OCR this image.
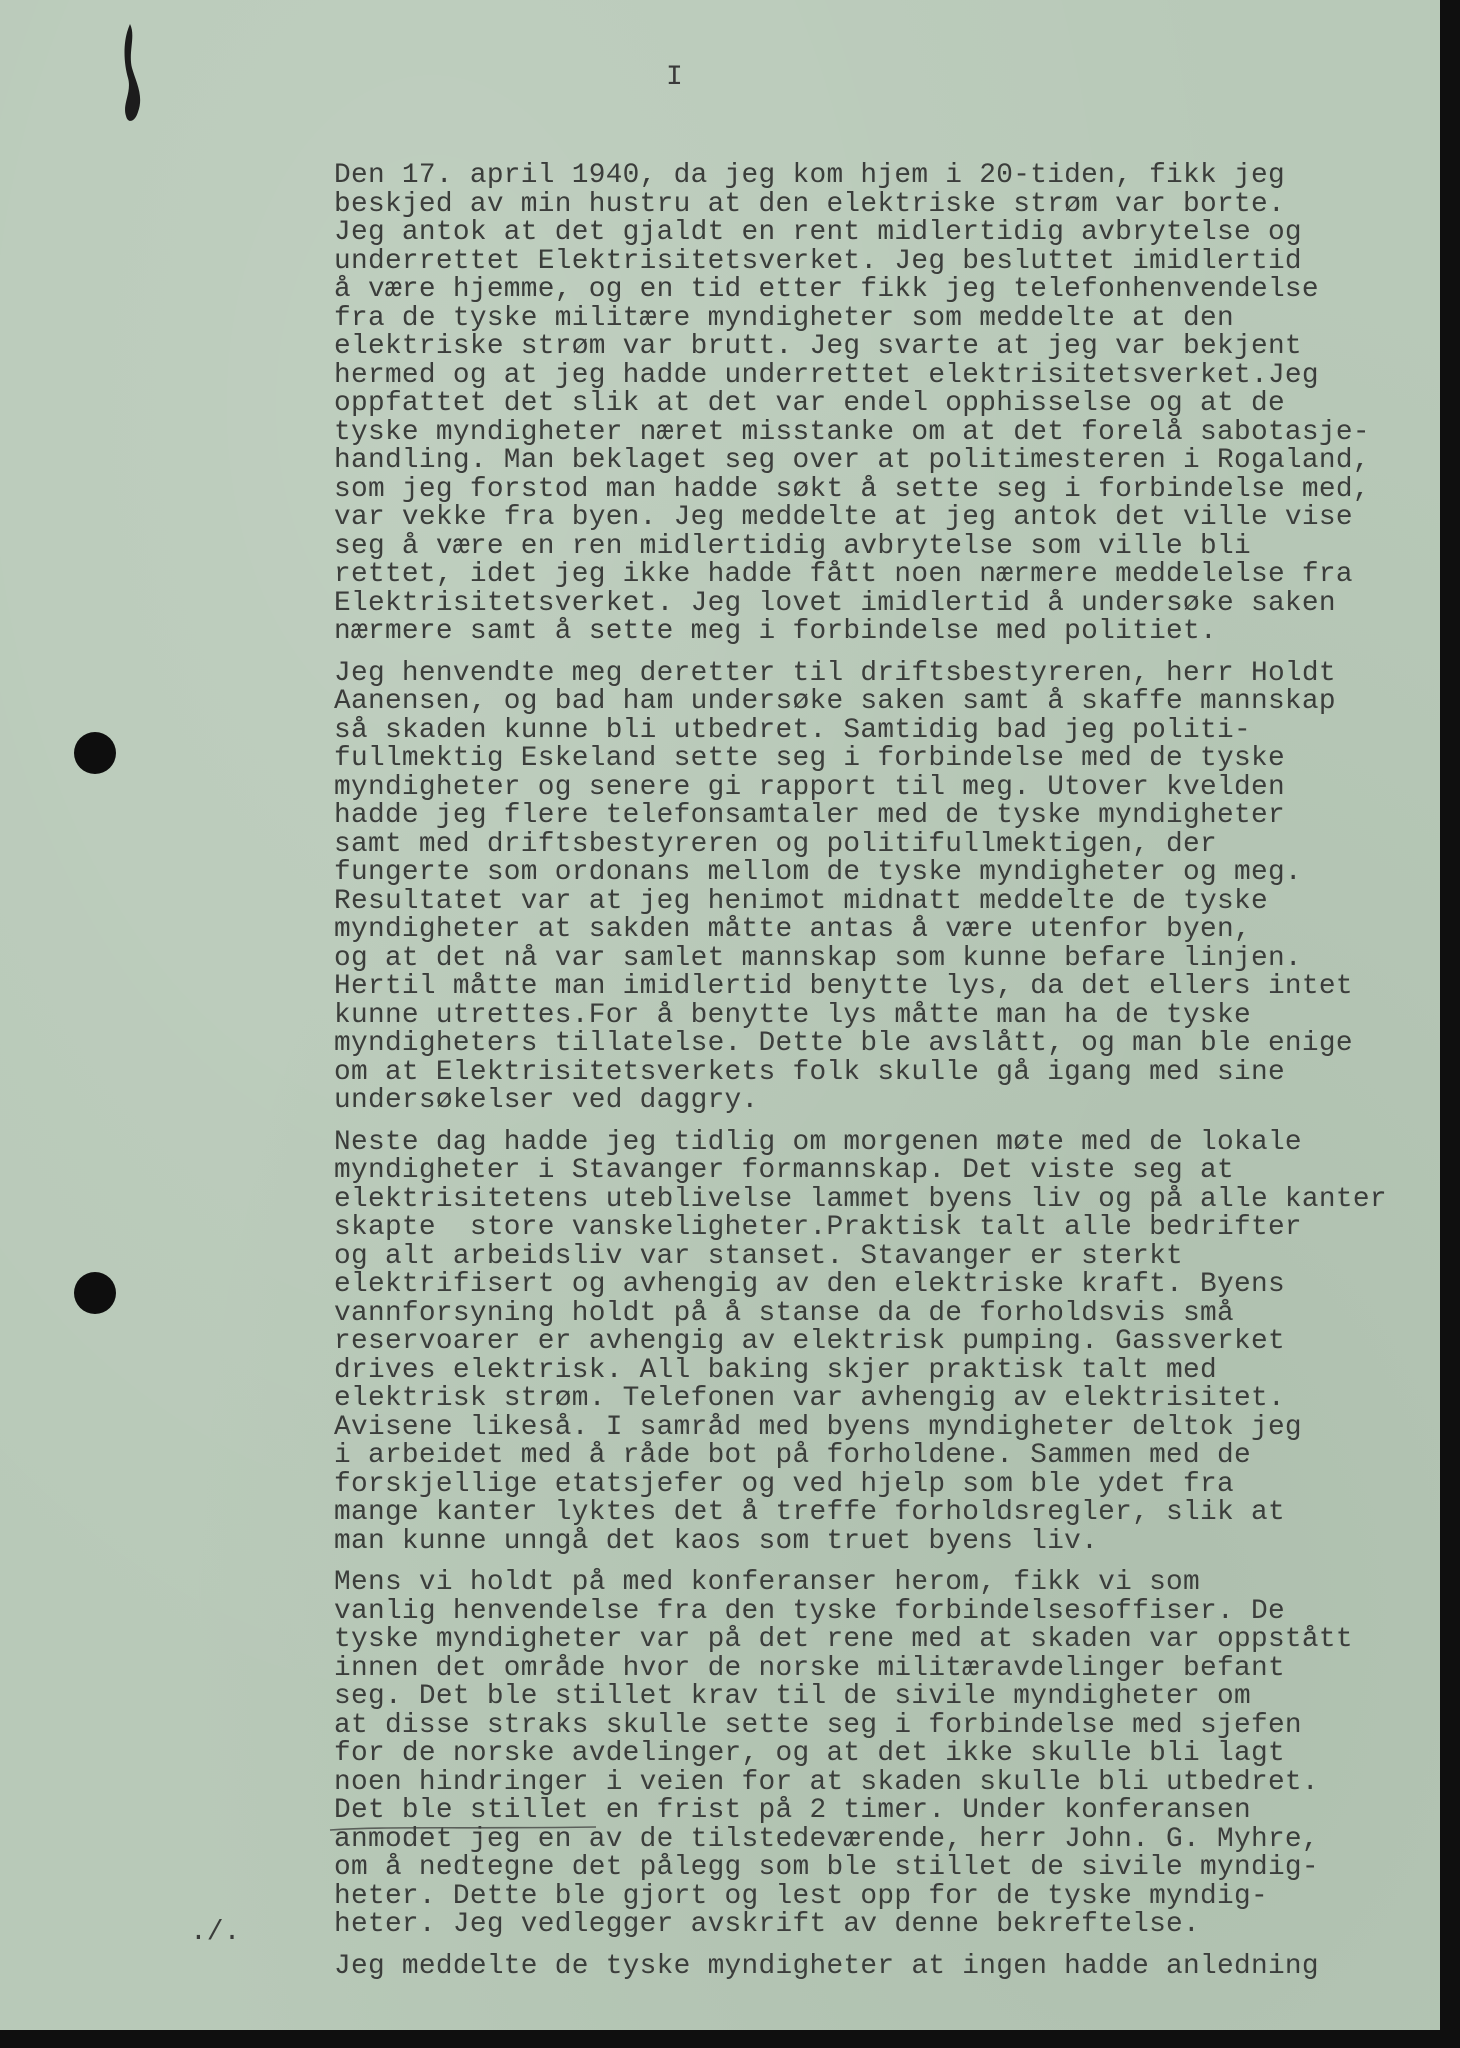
I
Den 17. april 1940, da jeg kom hjem i 20-tiden, fikk jeg
beskjed av min hustru at den elektriske strøm var borte.
Jeg antok at det gjaldt en rent midlertidig avbrytelse og
underrettet Elektrisitetsverket. Jeg besluttet imidlertid
å være hjemme, og en tid etter fikk jeg telefonhenvendelse
fra de tyske militære myndigheter som meddelte at den
elektriske strøm var brutt. Jeg svarte at jeg var bekjent
hermed og at jeg hadde underrettet elektrisitetsverket.Jeg
oppfattet det slik at det var endel opphisselse og at de
tyske myndigheter næret misstanke om at det forelå sabotasje-
handling. Man beklaget seg over at politimesteren i Rogaland,
som jeg forstod man hadde søkt å sette seg i forbindelse med,
var vekke fra byen. Jeg meddelte at jeg antok det ville vise
seg å være en ren midlertidig avbrytelse som ville bli
rettet, idet jeg ikke hadde fått noen nærmere meddelelse fra
Elektrisitetsverket. Jeg lovet imidlertid å undersøke saken
nærmere samt å sette meg i forbindelse med politiet.
Jeg henvendte meg deretter til driftsbestyreren, herr Holdt
Aanensen, og bad ham undersøke saken samt å skaffe mannskap
så skaden kunne bli utbedret. Samtidig bad jeg politi-
fullmektig Eskeland sette seg i forbindelse med de tyske
myndigheter og senere gi rapport til meg. Utover kvelden
hadde jeg flere telefonsamtaler med de tyske myndigheter
samt med driftsbestyreren og politifullmektigen, der
fungerte som ordonans mellom de tyske myndigheter og meg.
Resultatet var at jeg henimot midnatt meddelte de tyske
myndigheter at sakden måtte antas å være utenfor byen,
og at det nå var samlet mannskap som kunne befare linjen.
Hertil måtte man imidlertid benytte lys, da det ellers intet
kunne utrettes.For å benytte lys måtte man ha de tyske
myndigheters tillatelse. Dette ble avslått, og man ble enige
om at Elektrisitetsverkets folk skulle gå igang med sine
undersøkelser ved daggry.
Neste dag hadde jeg tidlig om morgenen møte med de lokale
myndigheter i Stavanger formannskap. Det viste seg at
elektrisitetens uteblivelse lammet byens liv og på alle kanter
skapte  store vanskeligheter.Praktisk talt alle bedrifter
og alt arbeidsliv var stanset. Stavanger er sterkt
elektrifisert og avhengig av den elektriske kraft. Byens
vannforsyning holdt på å stanse da de forholdsvis små
reservoarer er avhengig av elektrisk pumping. Gassverket
drives elektrisk. All baking skjer praktisk talt med
elektrisk strøm. Telefonen var avhengig av elektrisitet.
Avisene likeså. I samråd med byens myndigheter deltok jeg
i arbeidet med å råde bot på forholdene. Sammen med de
forskjellige etatsjefer og ved hjelp som ble ydet fra
mange kanter lyktes det å treffe forholdsregler, slik at
man kunne unngå det kaos som truet byens liv.
Mens vi holdt på med konferanser herom, fikk vi som
vanlig henvendelse fra den tyske forbindelsesoffiser. De
tyske myndigheter var på det rene med at skaden var oppstått
innen det område hvor de norske militæravdelinger befant
seg. Det ble stillet krav til de sivile myndigheter om
at disse straks skulle sette seg i forbindelse med sjefen
for de norske avdelinger, og at det ikke skulle bli lagt
noen hindringer i veien for at skaden skulle bli utbedret.
Det ble stillet en frist på 2 timer. Under konferansen
anmodet jeg en av de tilstedeværende, herr John. G. Myhre,
om å nedtegne det pålegg som ble stillet de sivile myndig-
heter. Dette ble gjort og lest opp for de tyske myndig-
heter. Jeg vedlegger avskrift av denne bekreftelse.
Jeg meddelte de tyske myndigheter at ingen hadde anledning
./.
